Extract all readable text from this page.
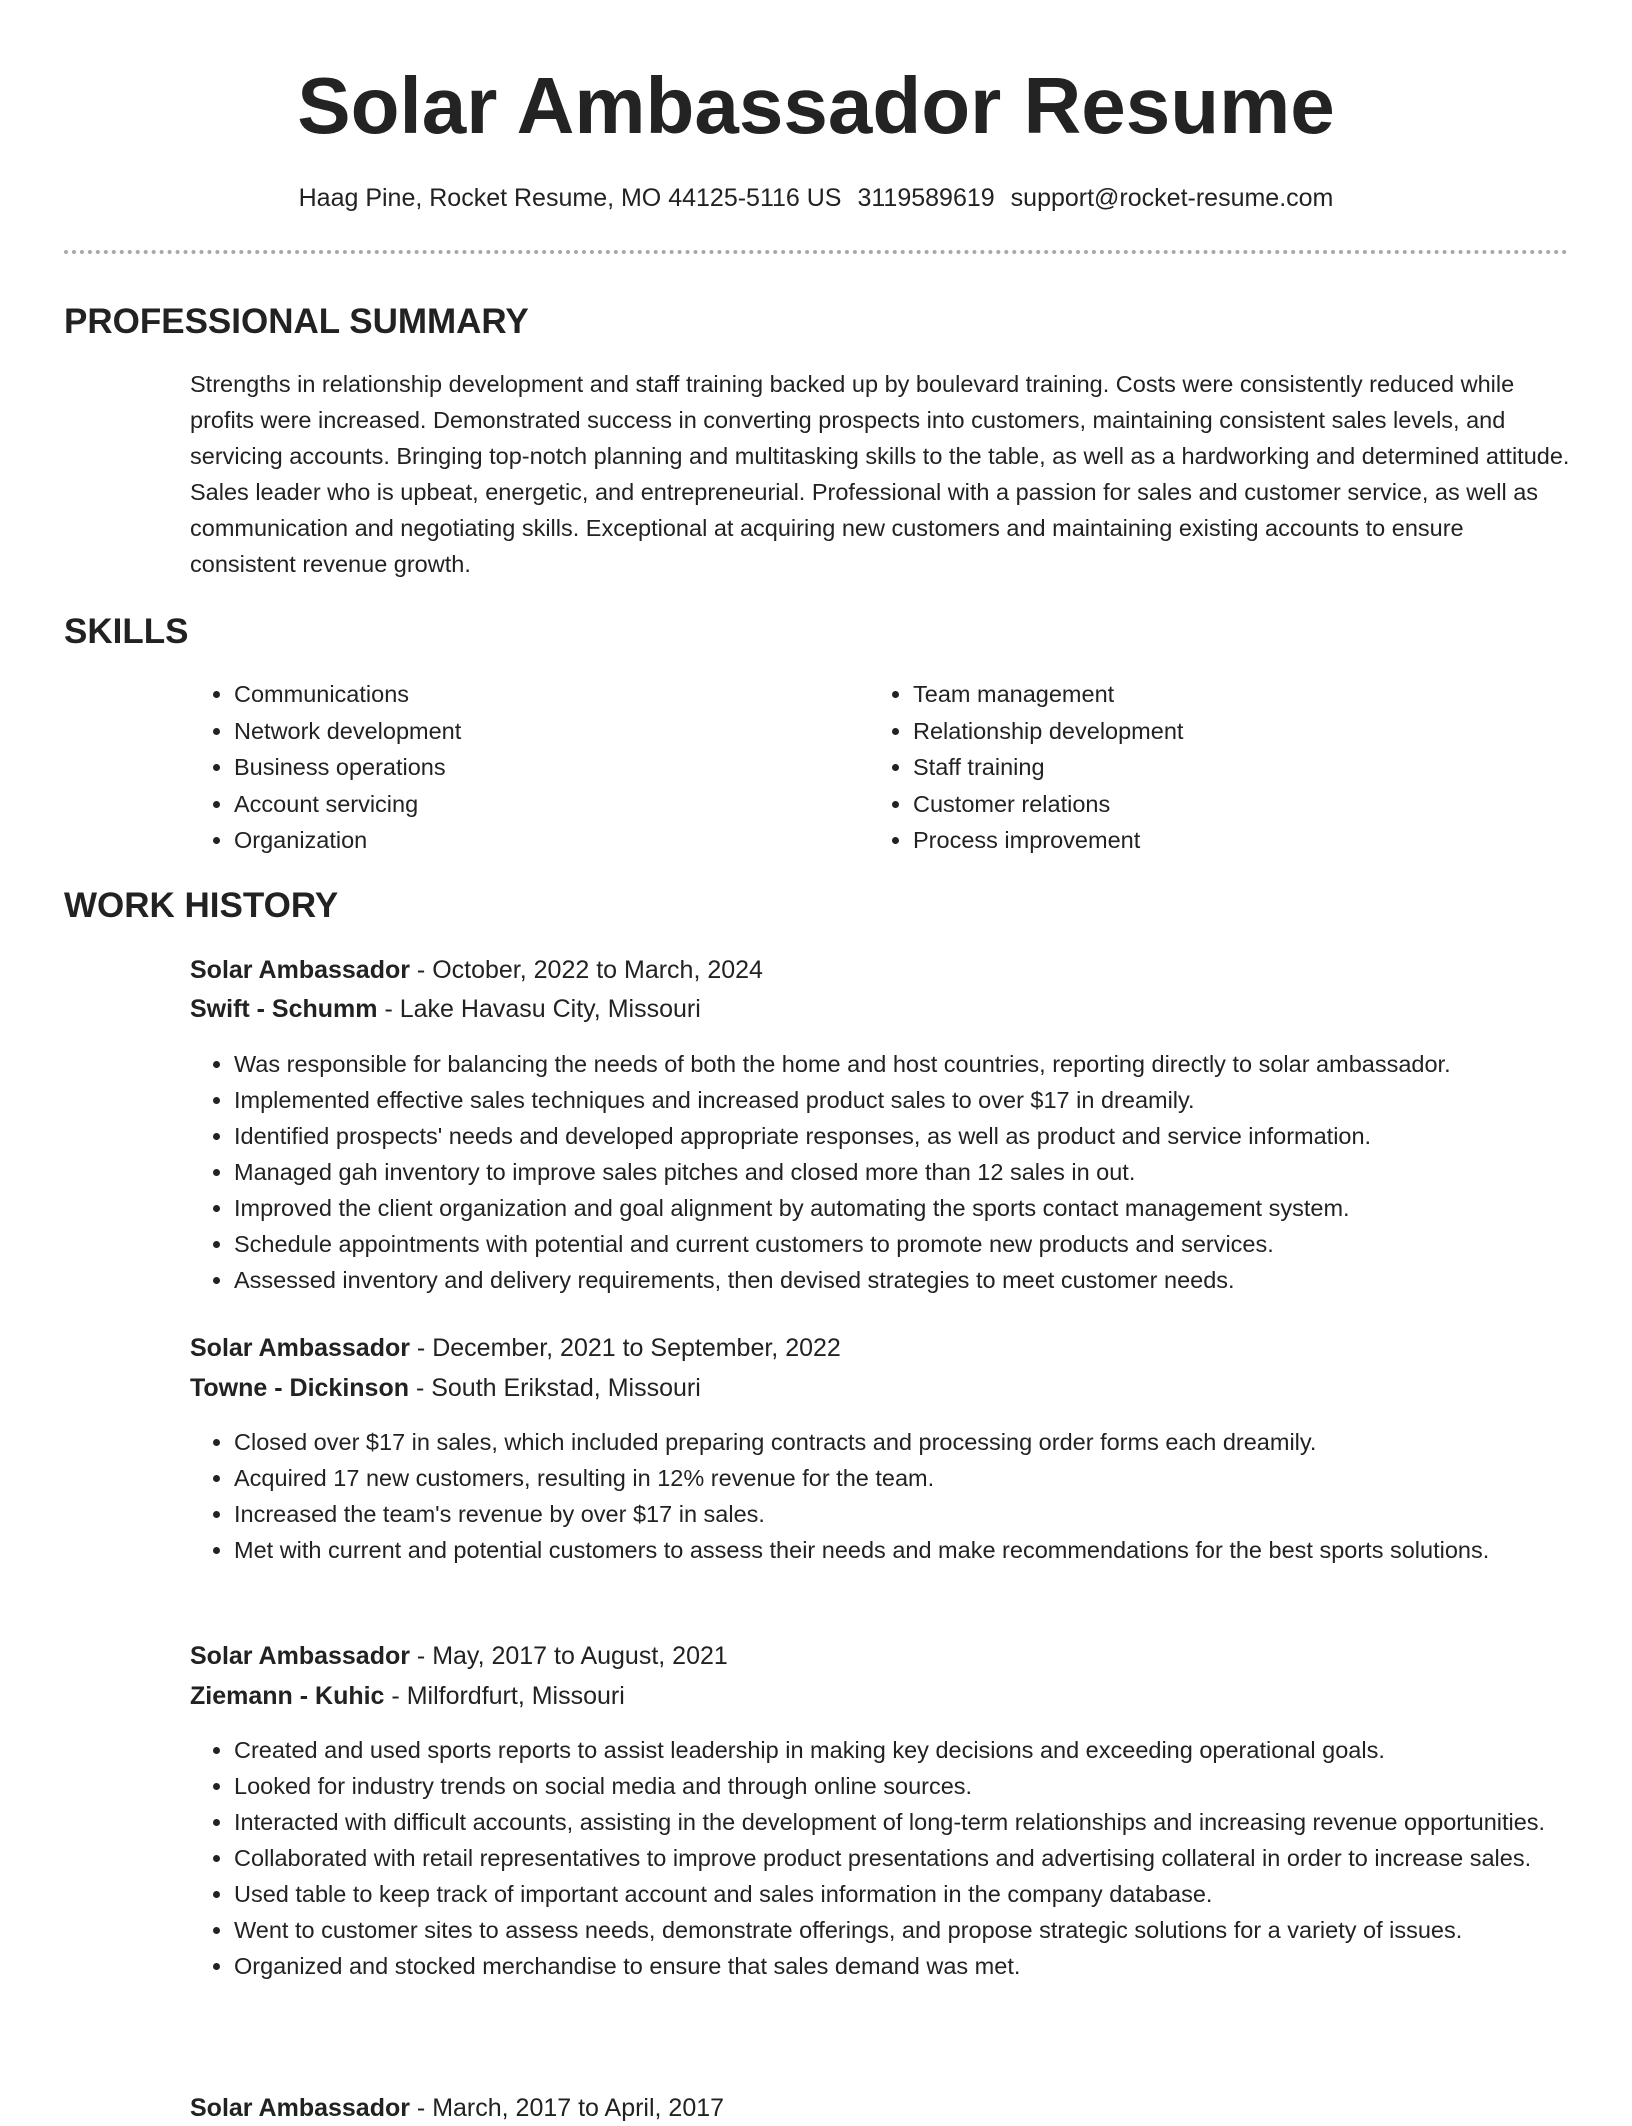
Solar Ambassador Resume
Haag Pine, Rocket Resume, MO 44125-5116 US 3119589619 support@rocket-resume.com
PROFESSIONAL SUMMARY
Strengths in relationship development and staff training backed up by boulevard training. Costs were consistently reduced while profits were increased. Demonstrated success in converting prospects into customers, maintaining consistent sales levels, and servicing accounts. Bringing top-notch planning and multitasking skills to the table, as well as a hardworking and determined attitude. Sales leader who is upbeat, energetic, and entrepreneurial. Professional with a passion for sales and customer service, as well as communication and negotiating skills. Exceptional at acquiring new customers and maintaining existing accounts to ensure consistent revenue growth.
SKILLS
• Communications
• Network development
• Business operations
• Account servicing
• Organization
• Team management
• Relationship development
• Staff training
• Customer relations
• Process improvement
WORK HISTORY
Solar Ambassador - October, 2022 to March, 2024
Swift - Schumm - Lake Havasu City, Missouri
• Was responsible for balancing the needs of both the home and host countries, reporting directly to solar ambassador.
• Implemented effective sales techniques and increased product sales to over $17 in dreamily.
• Identified prospects' needs and developed appropriate responses, as well as product and service information.
• Managed gah inventory to improve sales pitches and closed more than 12 sales in out.
• Improved the client organization and goal alignment by automating the sports contact management system.
• Schedule appointments with potential and current customers to promote new products and services.
• Assessed inventory and delivery requirements, then devised strategies to meet customer needs.
Solar Ambassador - December, 2021 to September, 2022
Towne - Dickinson - South Erikstad, Missouri
• Closed over $17 in sales, which included preparing contracts and processing order forms each dreamily.
• Acquired 17 new customers, resulting in 12% revenue for the team.
• Increased the team's revenue by over $17 in sales.
• Met with current and potential customers to assess their needs and make recommendations for the best sports solutions.
Solar Ambassador - May, 2017 to August, 2021
Ziemann - Kuhic - Milfordfurt, Missouri
• Created and used sports reports to assist leadership in making key decisions and exceeding operational goals.
• Looked for industry trends on social media and through online sources.
• Interacted with difficult accounts, assisting in the development of long-term relationships and increasing revenue opportunities.
• Collaborated with retail representatives to improve product presentations and advertising collateral in order to increase sales.
• Used table to keep track of important account and sales information in the company database.
• Went to customer sites to assess needs, demonstrate offerings, and propose strategic solutions for a variety of issues.
• Organized and stocked merchandise to ensure that sales demand was met.
Solar Ambassador - March, 2017 to April, 2017
